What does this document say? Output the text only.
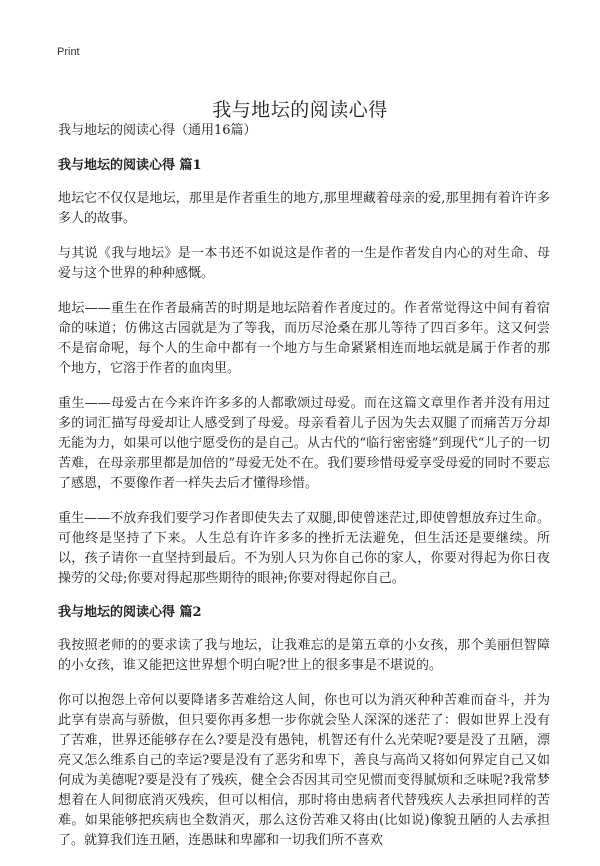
Print
我与地坛的阅读心得

我与地坛的阅读心得（通用16篇）

我与地坛的阅读心得 篇1

地坛它不仅仅是地坛，那里是作者重生的地方,那里埋藏着母亲的爱,那里拥有着许许多多人的故事。

与其说《我与地坛》是一本书还不如说这是作者的一生是作者发自内心的对生命、母爱与这个世界的种种感慨。

地坛——重生在作者最痛苦的时期是地坛陪着作者度过的。作者常觉得这中间有着宿命的味道；仿佛这古园就是为了等我，而历尽沧桑在那儿等待了四百多年。这又何尝不是宿命呢，每个人的生命中都有一个地方与生命紧紧相连而地坛就是属于作者的那个地方，它溶于作者的血肉里。

重生——母爱古在今来许许多多的人都歌颂过母爱。而在这篇文章里作者并没有用过多的词汇描写母爱却让人感受到了母爱。母亲看着儿子因为失去双腿了而痛苦万分却无能为力，如果可以他宁愿受伤的是自己。从古代的“临行密密缝”到现代“儿子的一切苦难，在母亲那里都是加倍的”母爱无处不在。我们要珍惜母爱享受母爱的同时不要忘了感恩，不要像作者一样失去后才懂得珍惜。

重生——不放弃我们要学习作者即使失去了双腿,即使曾迷茫过,即使曾想放弃过生命。可他终是坚持了下来。人生总有许许多多的挫折无法避免，但生活还是要继续。所以，孩子请你一直坚持到最后。不为别人只为你自己你的家人，你要对得起为你日夜操劳的父母;你要对得起那些期待的眼神;你要对得起你自己。

我与地坛的阅读心得 篇2

我按照老师的的要求读了我与地坛，让我难忘的是第五章的小女孩，那个美丽但智障的小女孩，谁又能把这世界想个明白呢?世上的很多事是不堪说的。

你可以抱怨上帝何以要降诸多苦难给这人间，你也可以为消灭种种苦难而奋斗，并为此享有崇高与骄傲，但只要你再多想一步你就会坠人深深的迷茫了：假如世界上没有了苦难，世界还能够存在么?要是没有愚钝，机智还有什么光荣呢?要是没了丑陋，漂亮又怎么维系自己的幸运?要是没有了恶劣和卑下，善良与高尚又将如何界定自己又如何成为美德呢?要是没有了残疾，健全会否因其司空见惯而变得腻烦和乏味呢?我常梦想着在人间彻底消灭残疾，但可以相信，那时将由患病者代替残疾人去承担同样的苦难。如果能够把疾病也全数消灭，那么这份苦难又将由(比如说)像貌丑陋的人去承担了。就算我们连丑陋，连愚昧和卑鄙和一切我们所不喜欢
